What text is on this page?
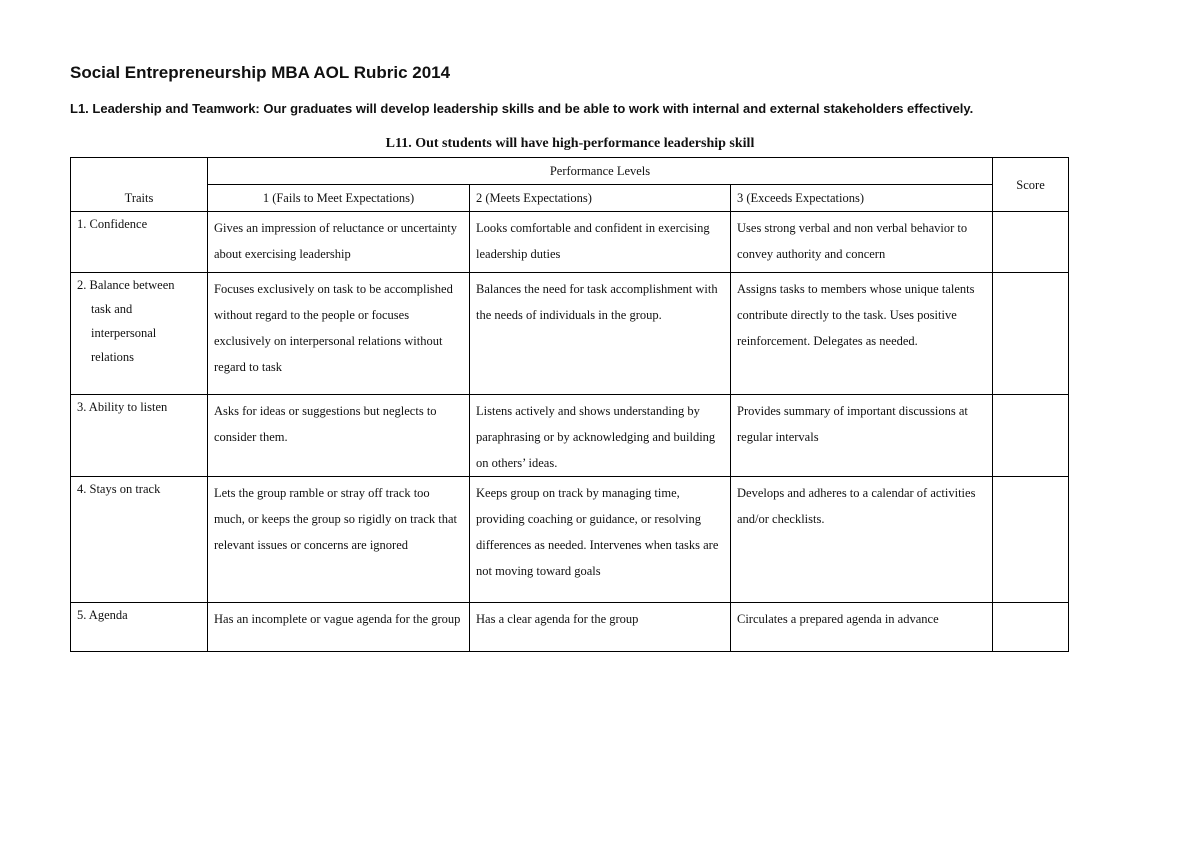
Social Entrepreneurship MBA AOL Rubric 2014
L1. Leadership and Teamwork: Our graduates will develop leadership skills and be able to work with internal and external stakeholders effectively.
L11. Out students will have high-performance leadership skill
Traits	Performance Levels			Score
	1 (Fails to Meet Expectations)	2 (Meets Expectations)	3 (Exceeds Expectations)	
1. Confidence	Gives an impression of reluctance or uncertainty about exercising leadership	Looks comfortable and confident in exercising leadership duties	Uses strong verbal and non verbal behavior to convey authority and concern	
2. Balance between
task and
interpersonal
relations	Focuses exclusively on task to be accomplished without regard to the people or focuses exclusively on interpersonal relations without regard to task	Balances the need for task accomplishment with the needs of individuals in the group.	Assigns tasks to members whose unique talents contribute directly to the task. Uses positive reinforcement. Delegates as needed.	
3. Ability to listen	Asks for ideas or suggestions but neglects to consider them.	Listens actively and shows understanding by paraphrasing or by acknowledging and building on others’ ideas.	Provides summary of important discussions at regular intervals	
4. Stays on track	Lets the group ramble or stray off track too much, or keeps the group so rigidly on track that relevant issues or concerns are ignored	Keeps group on track by managing time, providing coaching or guidance, or resolving differences as needed. Intervenes when tasks are not moving toward goals	Develops and adheres to a calendar of activities and/or checklists.	
5. Agenda	Has an incomplete or vague agenda for the group	Has a clear agenda for the group	Circulates a prepared agenda in advance	
